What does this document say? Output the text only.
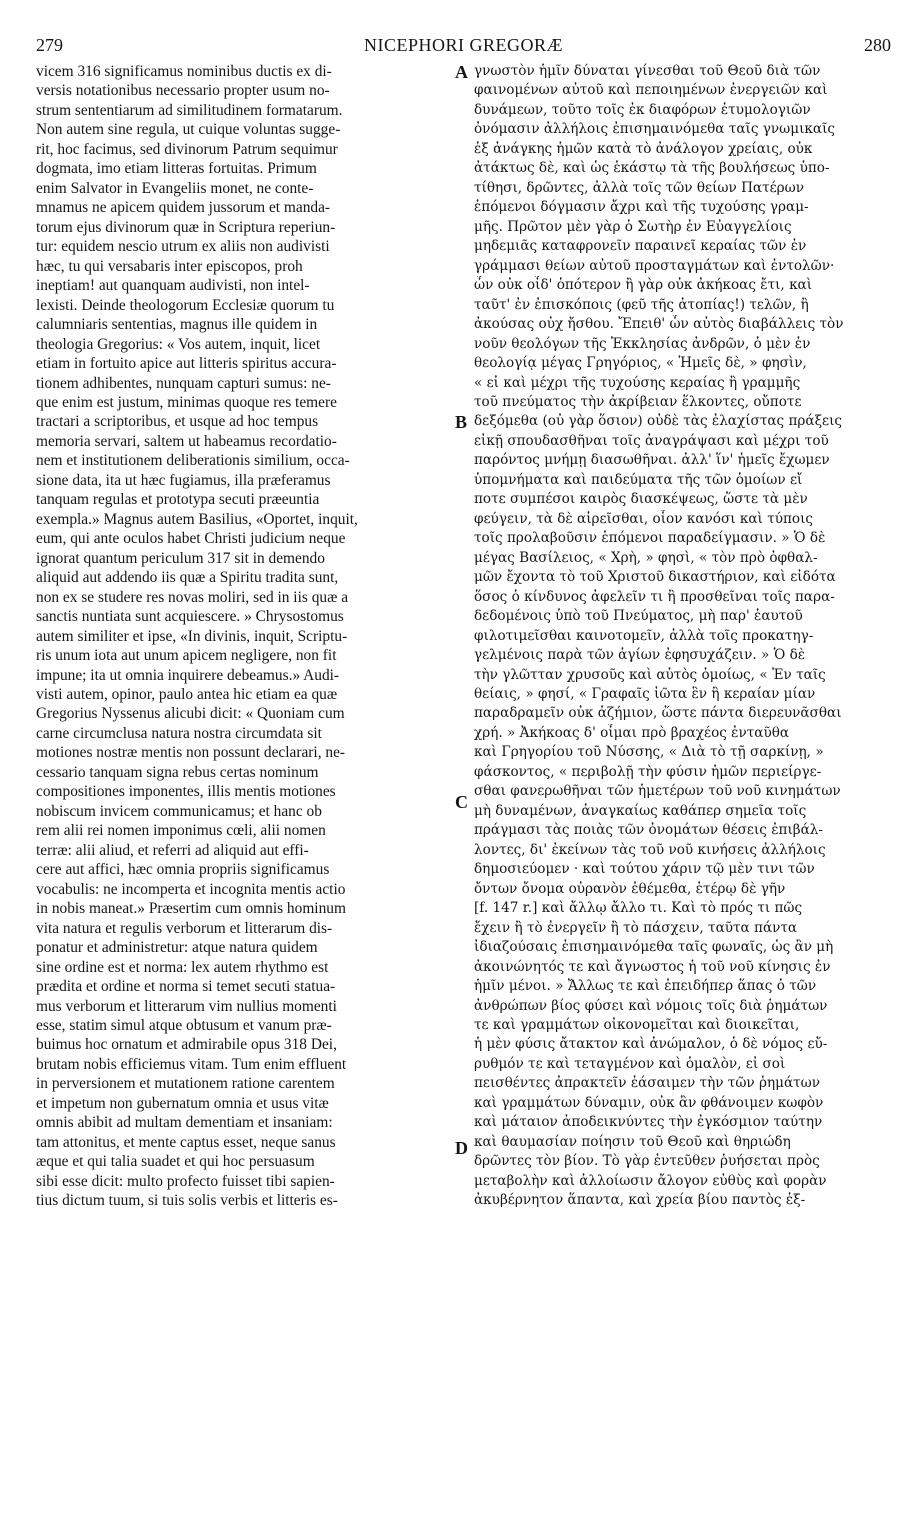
279	NICEPHORI GREGORÆ	280
vicem 316 significamus nominibus ductis ex di-
versis notationibus necessario propter usum no-
strum sententiarum ad similitudinem formatarum.
Non autem sine regula, ut cuique voluntas sugge-
rit, hoc facimus, sed divinorum Patrum sequimur
dogmata, imo etiam litteras fortuitas. Primum
enim Salvator in Evangeliis monet, ne conte-
mnamus ne apicem quidem jussorum et manda-
torum ejus divinorum quæ in Scriptura reperiun-
tur: equidem nescio utrum ex aliis non audivisti
hæc, tu qui versabaris inter episcopos, proh
ineptiam! aut quanquam audivisti, non intel-
lexisti. Deinde theologorum Ecclesiæ quorum tu
calumniaris sententias, magnus ille quidem in
theologia Gregorius: « Vos autem, inquit, licet
etiam in fortuito apice aut litteris spiritus accura-
tionem adhibentes, nunquam capturi sumus: ne-
que enim est justum, minimas quoque res temere
tractari a scriptoribus, et usque ad hoc tempus
memoria servari, saltem ut habeamus recordatio-
nem et institutionem deliberationis similium, occa-
sione data, ita ut hæc fugiamus, illa præferamus
tanquam regulas et prototypa secuti præeuntia
exempla.» Magnus autem Basilius, «Oportet, inquit,
eum, qui ante oculos habet Christi judicium neque
ignorat quantum periculum 317 sit in demendo
aliquid aut addendo iis quæ a Spiritu tradita sunt,
non ex se studere res novas moliri, sed in iis quæ a
sanctis nuntiata sunt acquiescere. » Chrysostomus
autem similiter et ipse, «In divinis, inquit, Scriptu-
ris unum iota aut unum apicem negligere, non fit
impune; ita ut omnia inquirere debeamus.» Audi-
visti autem, opinor, paulo antea hic etiam ea quæ
Gregorius Nyssenus alicubi dicit: « Quoniam cum
carne circumclusa natura nostra circumdata sit
motiones nostræ mentis non possunt declarari, ne-
cessario tanquam signa rebus certas nominum
compositiones imponentes, illis mentis motiones
nobiscum invicem communicamus; et hanc ob
rem alii rei nomen imponimus cœli, alii nomen
terræ: alii aliud, et referri ad aliquid aut effi-
cere aut affici, hæc omnia propriis significamus
vocabulis: ne incomperta et incognita mentis actio
in nobis maneat.» Præsertim cum omnis hominum
vita natura et regulis verborum et litterarum dis-
ponatur et administretur: atque natura quidem
sine ordine est et norma: lex autem rhythmo est
prædita et ordine et norma si temet secuti statua-
mus verborum et litterarum vim nullius momenti
esse, statim simul atque obtusum et vanum præ-
buimus hoc ornatum et admirabile opus 318 Dei,
brutam nobis efficiemus vitam. Tum enim effluent
in perversionem et mutationem ratione carentem
et impetum non gubernatum omnia et usus vitæ
omnis abibit ad multam dementiam et insaniam:
tam attonitus, et mente captus esset, neque sanus
æque et qui talia suadet et qui hoc persuasum
sibi esse dicit: multo profecto fuisset tibi sapien-
tius dictum tuum, si tuis solis verbis et litteris es-
γνωστὸν ἡμῖν δύναται γίνεσθαι τοῦ Θεοῦ διὰ τῶν
φαινομένων αὐτοῦ καὶ πεποιημένων ἐνεργειῶν καὶ
δυνάμεων, τοῦτο τοῖς ἐκ διαφόρων ἐτυμολογιῶν
ὀνόμασιν ἀλλήλοις ἐπισημαινόμεθα ταῖς γνωμικαῖς
ἐξ ἀνάγκης ἡμῶν κατὰ τὸ ἀνάλογον χρείαις, οὐκ
ἀτάκτως δὲ, καὶ ὡς ἑκάστῳ τὰ τῆς βουλήσεως ὑπο-
τίθησι, δρῶντες, ἀλλὰ τοῖς τῶν θείων Πατέρων
ἑπόμενοι δόγμασιν ἄχρι καὶ τῆς τυχούσης γραμ-
μῆς. Πρῶτον μὲν γὰρ ὁ Σωτὴρ ἐν Εὐαγγελίοις
μηδεμιᾶς καταφρονεῖν παραινεῖ κεραίας τῶν ἐν
γράμμασι θείων αὐτοῦ προσταγμάτων καὶ ἐντολῶν·
ὧν οὐκ οἶδ' ὁπότερον ἢ γὰρ οὐκ ἀκήκοας ἔτι, καὶ
ταῦτ' ἐν ἐπισκόποις (φεῦ τῆς ἀτοπίας!) τελῶν, ἢ
ἀκούσας οὐχ ἤσθου. Ἔπειθ' ὧν αὐτὸς διαβάλλεις τὸν
νοῦν θεολόγων τῆς Ἐκκλησίας ἀνδρῶν, ὁ μὲν ἐν
θεολογίᾳ μέγας Γρηγόριος, « Ἡμεῖς δὲ, » φησὶν,
« εἰ καὶ μέχρι τῆς τυχούσης κεραίας ἢ γραμμῆς
τοῦ πνεύματος τὴν ἀκρίβειαν ἕλκοντες, οὔποτε
δεξόμεθα (οὐ γὰρ ὅσιον) οὐδὲ τὰς ἐλαχίστας πράξεις
εἰκῇ σπουδασθῆναι τοῖς ἀναγράψασι καὶ μέχρι τοῦ
παρόντος μνήμῃ διασωθῆναι. ἀλλ' ἵν' ἡμεῖς ἔχωμεν
ὑπομνήματα καὶ παιδεύματα τῆς τῶν ὁμοίων εἴ
ποτε συμπέσοι καιρὸς διασκέψεως, ὥστε τὰ μὲν
φεύγειν, τὰ δὲ αἱρεῖσθαι, οἷον κανόσι καὶ τύποις
τοῖς προλαβοῦσιν ἑπόμενοι παραδείγμασιν. » Ὁ δὲ
μέγας Βασίλειος, « Χρὴ, » φησὶ, « τὸν πρὸ ὀφθαλ-
μῶν ἔχοντα τὸ τοῦ Χριστοῦ δικαστήριον, καὶ εἰδότα
ὅσος ὁ κίνδυνος ἀφελεῖν τι ἢ προσθεῖναι τοῖς παρα-
δεδομένοις ὑπὸ τοῦ Πνεύματος, μὴ παρ' ἑαυτοῦ
φιλοτιμεῖσθαι καινοτομεῖν, ἀλλὰ τοῖς προκατηγ-
γελμένοις παρὰ τῶν ἁγίων ἐφησυχάζειν. » Ὁ δὲ
τὴν γλῶτταν χρυσοῦς καὶ αὐτὸς ὁμοίως, « Ἐν ταῖς
θείαις, » φησί, « Γραφαῖς ἰῶτα ἓν ἢ κεραίαν μίαν
παραδραμεῖν οὐκ ἀζήμιον, ὥστε πάντα διερευνᾶσθαι
χρή. » Ἀκήκοας δ' οἶμαι πρὸ βραχέος ἐνταῦθα
καὶ Γρηγορίου τοῦ Νύσσης, « Διὰ τὸ τῇ σαρκίνῃ, »
φάσκοντος, « περιβολῇ τὴν φύσιν ἡμῶν περιείργε-
σθαι φανερωθῆναι τῶν ἡμετέρων τοῦ νοῦ κινημάτων
μὴ δυναμένων, ἀναγκαίως καθάπερ σημεῖα τοῖς
πράγμασι τὰς ποιὰς τῶν ὀνομάτων θέσεις ἐπιβάλ-
λοντες, δι' ἐκείνων τὰς τοῦ νοῦ κινήσεις ἀλλήλοις
δημοσιεύομεν · καὶ τούτου χάριν τῷ μὲν τινι τῶν
ὄντων ὄνομα οὐρανὸν ἐθέμεθα, ἑτέρῳ δὲ γῆν
[f. 147 r.] καὶ ἄλλῳ ἄλλο τι. Καὶ τὸ πρός τι πῶς
ἔχειν ἢ τὸ ἐνεργεῖν ἢ τὸ πάσχειν, ταῦτα πάντα
ἰδιαζούσαις ἐπισημαινόμεθα ταῖς φωναῖς, ὡς ἂν μὴ
ἀκοινώνητός τε καὶ ἄγνωστος ἡ τοῦ νοῦ κίνησις ἐν
ἡμῖν μένοι. » Ἄλλως τε καὶ ἐπειδήπερ ἅπας ὁ τῶν
ἀνθρώπων βίος φύσει καὶ νόμοις τοῖς διὰ ῥημάτων
τε καὶ γραμμάτων οἰκονομεῖται καὶ διοικεῖται,
ἡ μὲν φύσις ἄτακτον καὶ ἀνώμαλον, ὁ δὲ νόμος εὔ-
ρυθμόν τε καὶ τεταγμένον καὶ ὁμαλὸν, εἰ σοὶ
πεισθέντες ἀπρακτεῖν ἐάσαιμεν τὴν τῶν ῥημάτων
καὶ γραμμάτων δύναμιν, οὐκ ἂν φθάνοιμεν κωφὸν
καὶ μάταιον ἀποδεικνύντες τὴν ἐγκόσμιον ταύτην
καὶ θαυμασίαν ποίησιν τοῦ Θεοῦ καὶ θηριώδη
δρῶντες τὸν βίον. Τὸ γὰρ ἐντεῦθεν ῥυήσεται πρὸς
μεταβολὴν καὶ ἀλλοίωσιν ἄλογον εὐθὺς καὶ φορὰν
ἀκυβέρνητον ἅπαντα, καὶ χρεία βίου παντὸς ἐξ-
A
B
C
D
